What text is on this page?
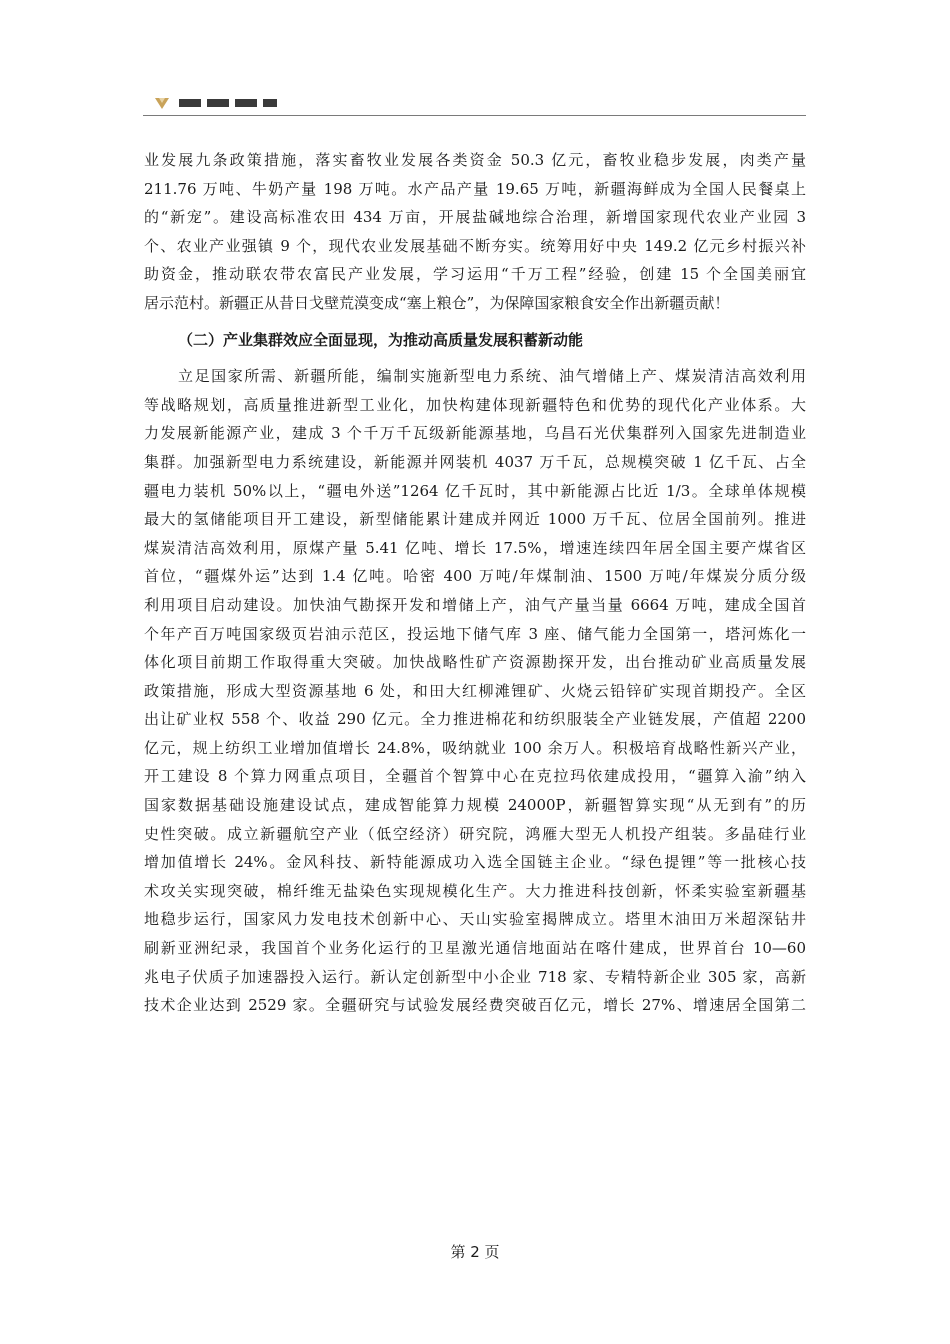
业发展九条政策措施，落实畜牧业发展各类资金 50.3 亿元，畜牧业稳步发展，肉类产量
211.76 万吨、牛奶产量 198 万吨。水产品产量 19.65 万吨，新疆海鲜成为全国人民餐桌上
的“新宠”。建设高标准农田 434 万亩，开展盐碱地综合治理，新增国家现代农业产业园 3
个、农业产业强镇 9 个，现代农业发展基础不断夯实。统筹用好中央 149.2 亿元乡村振兴补
助资金，推动联农带农富民产业发展，学习运用“千万工程”经验，创建 15 个全国美丽宜
居示范村。新疆正从昔日戈壁荒漠变成“塞上粮仓”，为保障国家粮食安全作出新疆贡献！
（二）产业集群效应全面显现，为推动高质量发展积蓄新动能
立足国家所需、新疆所能，编制实施新型电力系统、油气增储上产、煤炭清洁高效利用
等战略规划，高质量推进新型工业化，加快构建体现新疆特色和优势的现代化产业体系。大
力发展新能源产业，建成 3 个千万千瓦级新能源基地，乌昌石光伏集群列入国家先进制造业
集群。加强新型电力系统建设，新能源并网装机 4037 万千瓦，总规模突破 1 亿千瓦、占全
疆电力装机 50%以上，“疆电外送”1264 亿千瓦时，其中新能源占比近 1/3。全球单体规模
最大的氢储能项目开工建设，新型储能累计建成并网近 1000 万千瓦、位居全国前列。推进
煤炭清洁高效利用，原煤产量 5.41 亿吨、增长 17.5%，增速连续四年居全国主要产煤省区
首位，“疆煤外运”达到 1.4 亿吨。哈密 400 万吨/年煤制油、1500 万吨/年煤炭分质分级
利用项目启动建设。加快油气勘探开发和增储上产，油气产量当量 6664 万吨，建成全国首
个年产百万吨国家级页岩油示范区，投运地下储气库 3 座、储气能力全国第一，塔河炼化一
体化项目前期工作取得重大突破。加快战略性矿产资源勘探开发，出台推动矿业高质量发展
政策措施，形成大型资源基地 6 处，和田大红柳滩锂矿、火烧云铅锌矿实现首期投产。全区
出让矿业权 558 个、收益 290 亿元。全力推进棉花和纺织服装全产业链发展，产值超 2200
亿元，规上纺织工业增加值增长 24.8%，吸纳就业 100 余万人。积极培育战略性新兴产业，
开工建设 8 个算力网重点项目，全疆首个智算中心在克拉玛依建成投用，“疆算入渝”纳入
国家数据基础设施建设试点，建成智能算力规模 24000P，新疆智算实现“从无到有”的历
史性突破。成立新疆航空产业（低空经济）研究院，鸿雁大型无人机投产组装。多晶硅行业
增加值增长 24%。金风科技、新特能源成功入选全国链主企业。“绿色提锂”等一批核心技
术攻关实现突破，棉纤维无盐染色实现规模化生产。大力推进科技创新，怀柔实验室新疆基
地稳步运行，国家风力发电技术创新中心、天山实验室揭牌成立。塔里木油田万米超深钻井
刷新亚洲纪录，我国首个业务化运行的卫星激光通信地面站在喀什建成，世界首台 10—60
兆电子伏质子加速器投入运行。新认定创新型中小企业 718 家、专精特新企业 305 家，高新
技术企业达到 2529 家。全疆研究与试验发展经费突破百亿元，增长 27%、增速居全国第二
第 2 页
